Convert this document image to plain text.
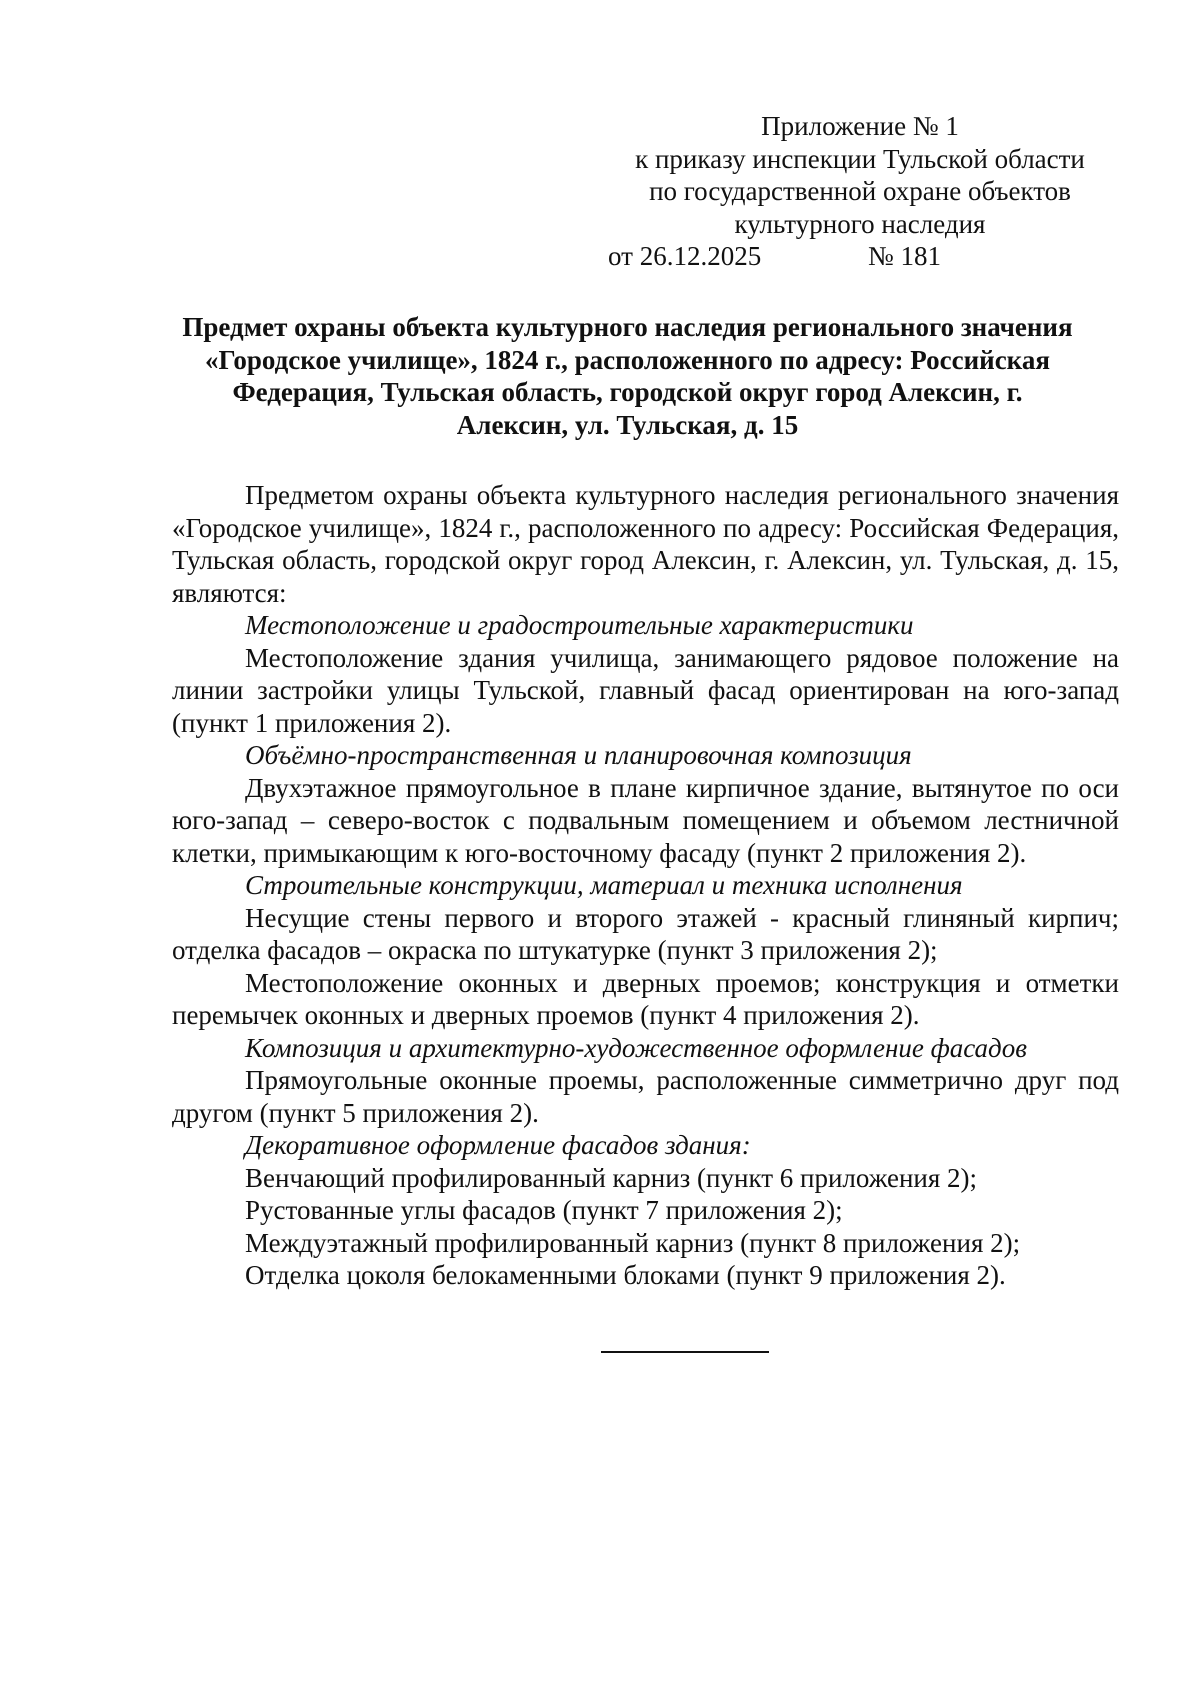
Приложение № 1
к приказу инспекции Тульской области
по государственной охране объектов
культурного наследия
от 26.12.2025	№ 181
Предмет охраны объекта культурного наследия регионального значения
«Городское училище», 1824 г., расположенного по адресу: Российская
Федерация, Тульская область, городской округ город Алексин, г.
Алексин, ул. Тульская, д. 15

Предметом охраны объекта культурного наследия регионального значения «Городское училище», 1824 г., расположенного по адресу: Российская Федерация, Тульская область, городской округ город Алексин, г. Алексин, ул. Тульская, д. 15, являются:

Местоположение и градостроительные характеристики

Местоположение здания училища, занимающего рядовое положение на линии застройки улицы Тульской, главный фасад ориентирован на юго-запад (пункт 1 приложения 2).

Объёмно-пространственная и планировочная композиция

Двухэтажное прямоугольное в плане кирпичное здание, вытянутое по оси юго-запад – северо-восток с подвальным помещением и объемом лестничной клетки, примыкающим к юго-восточному фасаду (пункт 2 приложения 2).

Строительные конструкции, материал и техника исполнения

Несущие стены первого и второго этажей - красный глиняный кирпич; отделка фасадов – окраска по штукатурке (пункт 3 приложения 2);

Местоположение оконных и дверных проемов; конструкция и отметки перемычек оконных и дверных проемов (пункт 4 приложения 2).

Композиция и архитектурно-художественное оформление фасадов

Прямоугольные оконные проемы, расположенные симметрично друг под другом (пункт 5 приложения 2).

Декоративное оформление фасадов здания:
Венчающий профилированный карниз (пункт 6 приложения 2);
Рустованные углы фасадов (пункт 7 приложения 2);
Междуэтажный профилированный карниз (пункт 8 приложения 2);
Отделка цоколя белокаменными блоками (пункт 9 приложения 2).
